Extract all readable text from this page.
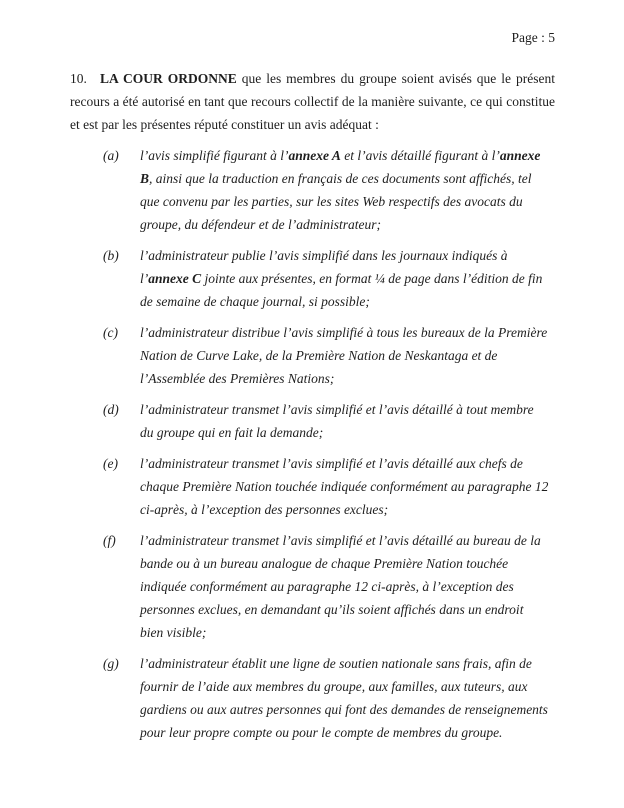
Page : 5

10. LA COUR ORDONNE que les membres du groupe soient avisés que le présent recours a été autorisé en tant que recours collectif de la manière suivante, ce qui constitue et est par les présentes réputé constituer un avis adéquat :

(a)	l’avis simplifié figurant à l’annexe A et l’avis détaillé figurant à l’annexe B, ainsi que la traduction en français de ces documents sont affichés, tel que convenu par les parties, sur les sites Web respectifs des avocats du groupe, du défendeur et de l’administrateur;
(b)	l’administrateur publie l’avis simplifié dans les journaux indiqués à l’annexe C jointe aux présentes, en format ¼ de page dans l’édition de fin de semaine de chaque journal, si possible;
(c)	l’administrateur distribue l’avis simplifié à tous les bureaux de la Première Nation de Curve Lake, de la Première Nation de Neskantaga et de l’Assemblée des Premières Nations;
(d)	l’administrateur transmet l’avis simplifié et l’avis détaillé à tout membre du groupe qui en fait la demande;
(e)	l’administrateur transmet l’avis simplifié et l’avis détaillé aux chefs de chaque Première Nation touchée indiquée conformément au paragraphe 12 ci-après, à l’exception des personnes exclues;
(f)	l’administrateur transmet l’avis simplifié et l’avis détaillé au bureau de la bande ou à un bureau analogue de chaque Première Nation touchée indiquée conformément au paragraphe 12 ci-après, à l’exception des personnes exclues, en demandant qu’ils soient affichés dans un endroit bien visible;
(g)	l’administrateur établit une ligne de soutien nationale sans frais, afin de fournir de l’aide aux membres du groupe, aux familles, aux tuteurs, aux gardiens ou aux autres personnes qui font des demandes de renseignements pour leur propre compte ou pour le compte de membres du groupe.
